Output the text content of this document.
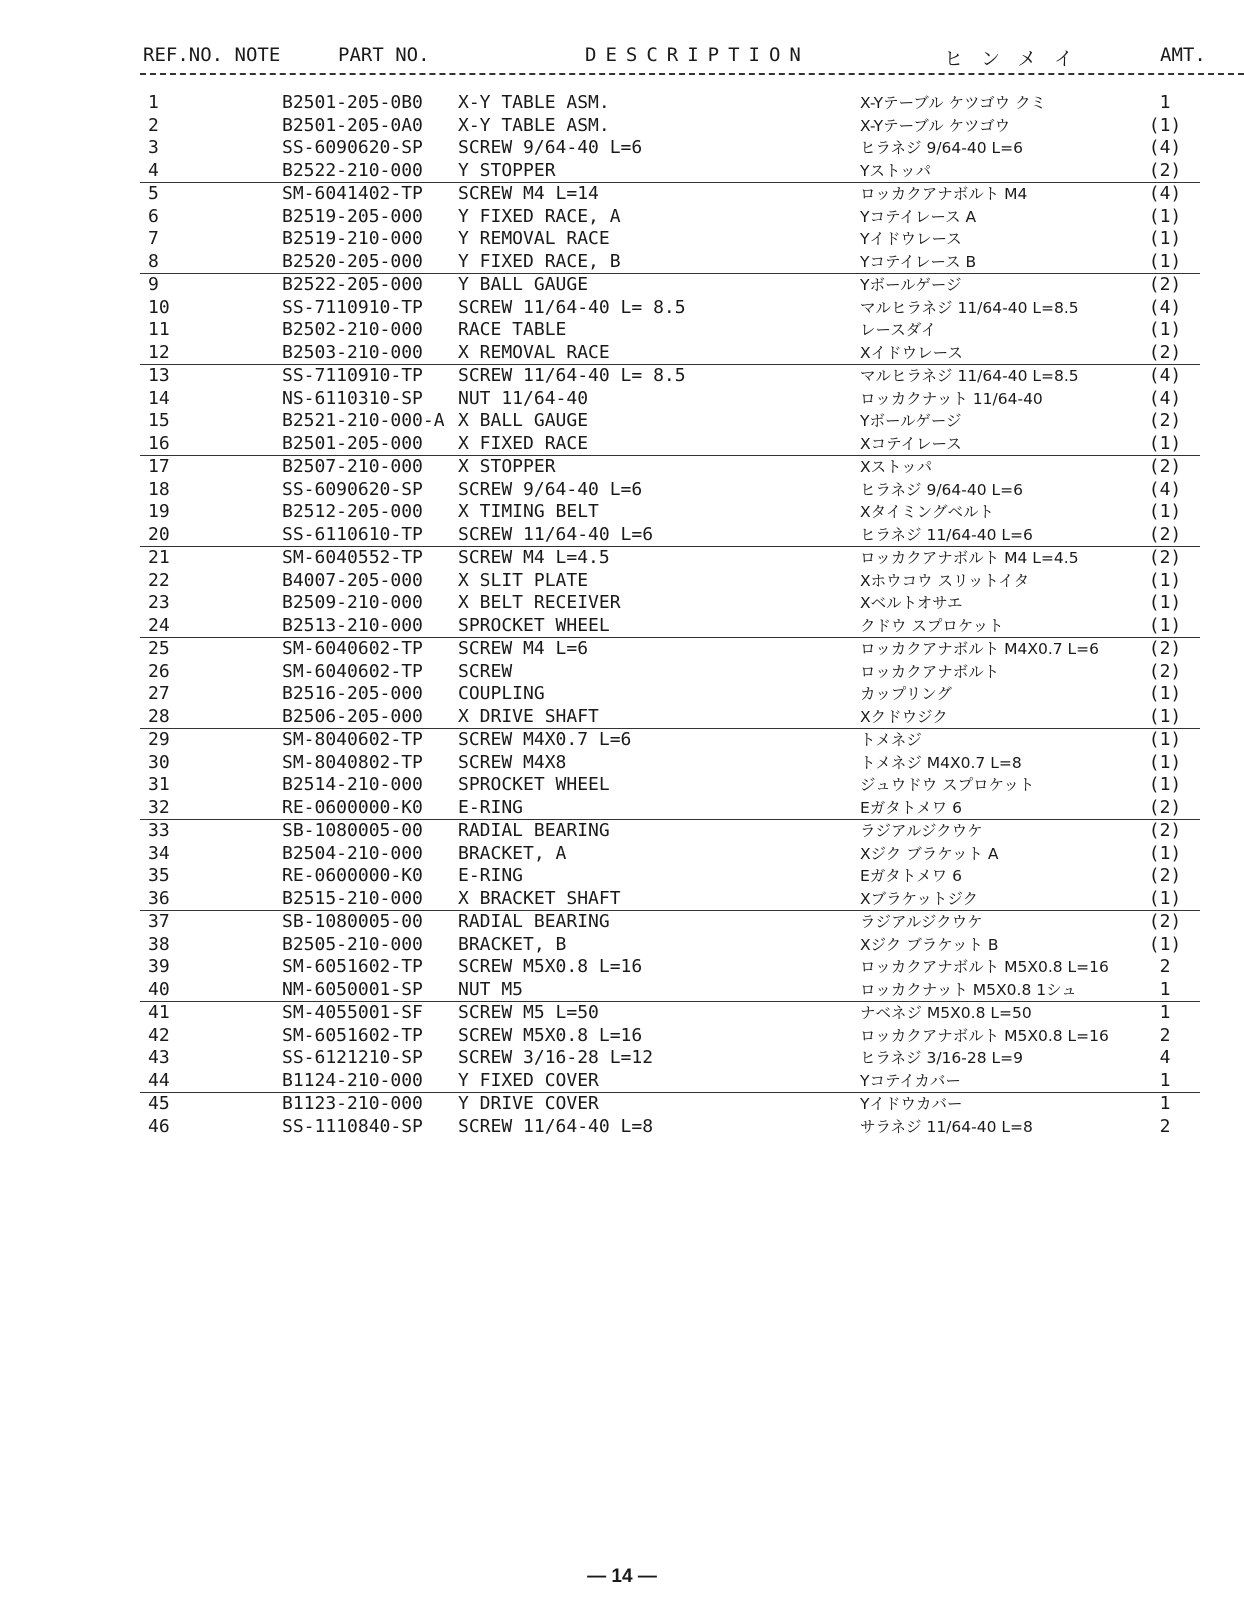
REF.NO. NOTE	PART NO.	DESCRIPTION	ヒンメイ	AMT.
1	B2501-205-0B0 X-Y TABLE ASM.	X-Yテーブル ケツゴウ クミ	1
2	B2501-205-0A0 X-Y TABLE ASM.	X-Yテーブル ケツゴウ	(1)
3	SS-6090620-SP SCREW 9/64-40 L=6	ヒラネジ 9/64-40 L=6	(4)
4	B2522-210-000 Y STOPPER	Yストッパ	(2)
5	SM-6041402-TP SCREW M4 L=14	ロッカクアナボルト M4	(4)
6	B2519-205-000 Y FIXED RACE, A	Yコテイレース A	(1)
7	B2519-210-000 Y REMOVAL RACE	Yイドウレース	(1)
8	B2520-205-000 Y FIXED RACE, B	Yコテイレース B	(1)
9	B2522-205-000 Y BALL GAUGE	Yボールゲージ	(2)
10	SS-7110910-TP SCREW 11/64-40 L= 8.5	マルヒラネジ 11/64-40 L=8.5	(4)
11	B2502-210-000 RACE TABLE	レースダイ	(1)
12	B2503-210-000 X REMOVAL RACE	Xイドウレース	(2)
13	SS-7110910-TP SCREW 11/64-40 L= 8.5	マルヒラネジ 11/64-40 L=8.5	(4)
14	NS-6110310-SP NUT 11/64-40	ロッカクナット 11/64-40	(4)
15	B2521-210-000-A X BALL GAUGE	Yボールゲージ	(2)
16	B2501-205-000 X FIXED RACE	Xコテイレース	(1)
17	B2507-210-000 X STOPPER	Xストッパ	(2)
18	SS-6090620-SP SCREW 9/64-40 L=6	ヒラネジ 9/64-40 L=6	(4)
19	B2512-205-000 X TIMING BELT	Xタイミングベルト	(1)
20	SS-6110610-TP SCREW 11/64-40 L=6	ヒラネジ 11/64-40 L=6	(2)
21	SM-6040552-TP SCREW M4 L=4.5	ロッカクアナボルト M4 L=4.5	(2)
22	B4007-205-000 X SLIT PLATE	Xホウコウ スリットイタ	(1)
23	B2509-210-000 X BELT RECEIVER	Xベルトオサエ	(1)
24	B2513-210-000 SPROCKET WHEEL	クドウ スプロケット	(1)
25	SM-6040602-TP SCREW M4 L=6	ロッカクアナボルト M4X0.7 L=6	(2)
26	SM-6040602-TP SCREW	ロッカクアナボルト	(2)
27	B2516-205-000 COUPLING	カップリング	(1)
28	B2506-205-000 X DRIVE SHAFT	Xクドウジク	(1)
29	SM-8040602-TP SCREW M4X0.7 L=6	トメネジ	(1)
30	SM-8040802-TP SCREW M4X8	トメネジ M4X0.7 L=8	(1)
31	B2514-210-000 SPROCKET WHEEL	ジュウドウ スプロケット	(1)
32	RE-0600000-K0 E-RING	Eガタトメワ 6	(2)
33	SB-1080005-00 RADIAL BEARING	ラジアルジクウケ	(2)
34	B2504-210-000 BRACKET, A	Xジク ブラケット A	(1)
35	RE-0600000-K0 E-RING	Eガタトメワ 6	(2)
36	B2515-210-000 X BRACKET SHAFT	Xブラケットジク	(1)
37	SB-1080005-00 RADIAL BEARING	ラジアルジクウケ	(2)
38	B2505-210-000 BRACKET, B	Xジク ブラケット B	(1)
39	SM-6051602-TP SCREW M5X0.8 L=16	ロッカクアナボルト M5X0.8 L=16	2
40	NM-6050001-SP NUT M5	ロッカクナット M5X0.8 1シュ	1
41	SM-4055001-SF SCREW M5 L=50	ナベネジ M5X0.8 L=50	1
42	SM-6051602-TP SCREW M5X0.8 L=16	ロッカクアナボルト M5X0.8 L=16	2
43	SS-6121210-SP SCREW 3/16-28 L=12	ヒラネジ 3/16-28 L=9	4
44	B1124-210-000 Y FIXED COVER	Yコテイカバー	1
45	B1123-210-000 Y DRIVE COVER	Yイドウカバー	1
46	SS-1110840-SP SCREW 11/64-40 L=8	サラネジ 11/64-40 L=8	2
— 14 —
